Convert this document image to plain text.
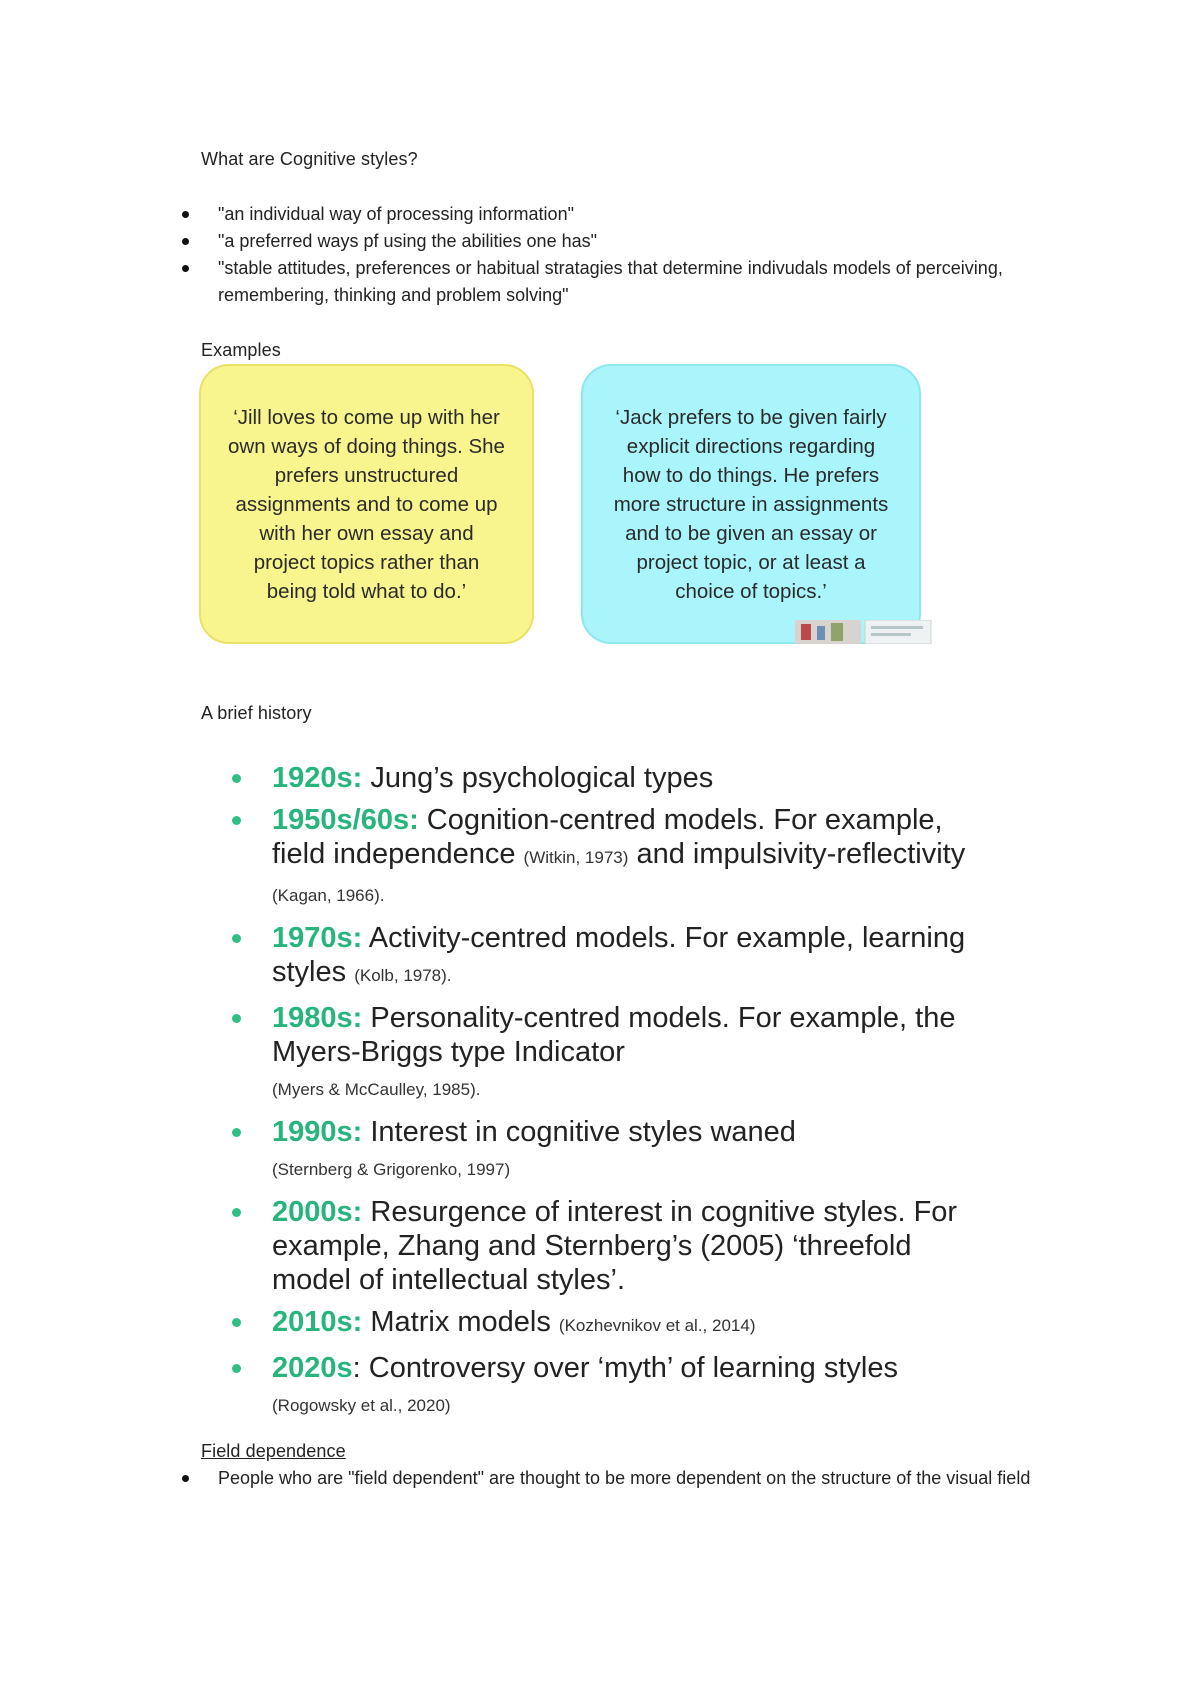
What are Cognitive styles?
"an individual way of processing information"
"a preferred ways pf using the abilities one has"
"stable attitudes, preferences or habitual stratagies that determine indivudals models of perceiving, remembering, thinking and problem solving"
Examples
‘Jill loves to come up with her own ways of doing things. She prefers unstructured assignments and to come up with her own essay and project topics rather than being told what to do.’
‘Jack prefers to be given fairly explicit directions regarding how to do things. He prefers more structure in assignments and to be given an essay or project topic, or at least a choice of topics.’
A brief history
1920s: Jung’s psychological types
1950s/60s: Cognition-centred models. For example, field independence (Witkin, 1973) and impulsivity-reflectivity (Kagan, 1966).
1970s: Activity-centred models. For example, learning styles (Kolb, 1978).
1980s: Personality-centred models. For example, the Myers-Briggs type Indicator
(Myers & McCaulley, 1985).
1990s: Interest in cognitive styles waned
(Sternberg & Grigorenko, 1997)
2000s: Resurgence of interest in cognitive styles. For example, Zhang and Sternberg’s (2005) ‘threefold model of intellectual styles’.
2010s: Matrix models (Kozhevnikov et al., 2014)
2020s: Controversy over ‘myth’ of learning styles (Rogowsky et al., 2020)
Field dependence
People who are "field dependent" are thought to be more dependent on the structure of the visual field
